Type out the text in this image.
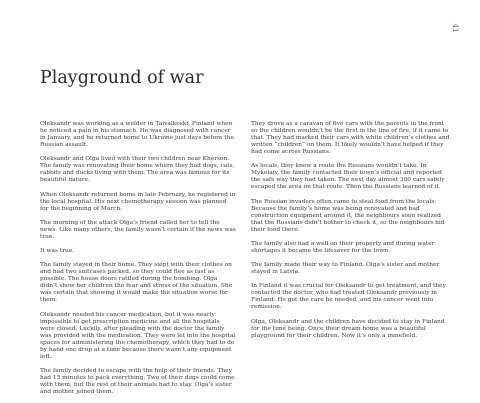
41
Playground of war

Oleksandr was working as a welder in Taivalkoski, Finland when he noticed a pain in his stomach. He was diagnosed with cancer in January, and he returned home to Ukraine just days before the Russian assault.

Oleksandr and Olga lived with their two children near Kherson. The family was renovating their home where they had dogs, cats, rabbits and ducks living with them. The area was famous for its beautiful nature.

When Oleksandr returned home in late February, he registered in the local hospital. His next chemotherapy session was planned for the beginning of March.

The morning of the attack Olga’s friend called her to tell the news. Like many others, the family wasn’t certain if the news was true.

It was true.

The family stayed in their home. They slept with their clothes on and had two suitcases packed, so they could flee as fast as possible. The house doors rattled during the bombing. Olga didn’t show her children the fear and stress of the situation. She was certain that showing it would make the situation worse for them.

Oleksandr needed his cancer medication, but it was nearly impossible to get prescription medicine and all the hospitals were closed. Luckily, after pleading with the doctor the family was provided with the medication. They were let into the hospital spaces for administering the chemotherapy, which they had to do by hand one drop at a time because there wasn’t any equipment left.

The family decided to escape with the help of their friends. They had 15 minutes to pack everything. Two of their dogs could come with them, but the rest of their animals had to stay. Olga’s sister and mother joined them.

They drove as a caravan of five cars with the parents in the front so the children wouldn’t be the first in the line of fire, if it came to that. They had marked their cars with white children’s clothes and written “children” on them. It likely wouldn’t have helped if they had come across Russians.

As locals, they knew a route the Russians wouldn’t take. In Mykolaiv, the family contacted their town’s official and reported the safe way they had taken. The next day almost 300 cars safely escaped the area on that route. Then the Russians learned of it.

The Russian invaders often came to steal food from the locals. Because the family’s home was being renovated and had construction equipment around it, the neighbours soon realized that the Russians didn’t bother to check it, so the neighbours hid their food there.

The family also had a well on their property and during water shortages it became the lifesaver for the town.

The family made their way to Finland. Olga’s sister and mother stayed in Latvia.

In Finland it was crucial for Oleksandr to get treatment, and they contacted the doctor, who had treated Oleksandr previously in Finland. He got the care he needed, and his cancer went into remission.

Olga, Oleksandr and the children have decided to stay in Finland for the time being. Once their dream home was a beautiful playground for their children. Now it’s only a minefield.
